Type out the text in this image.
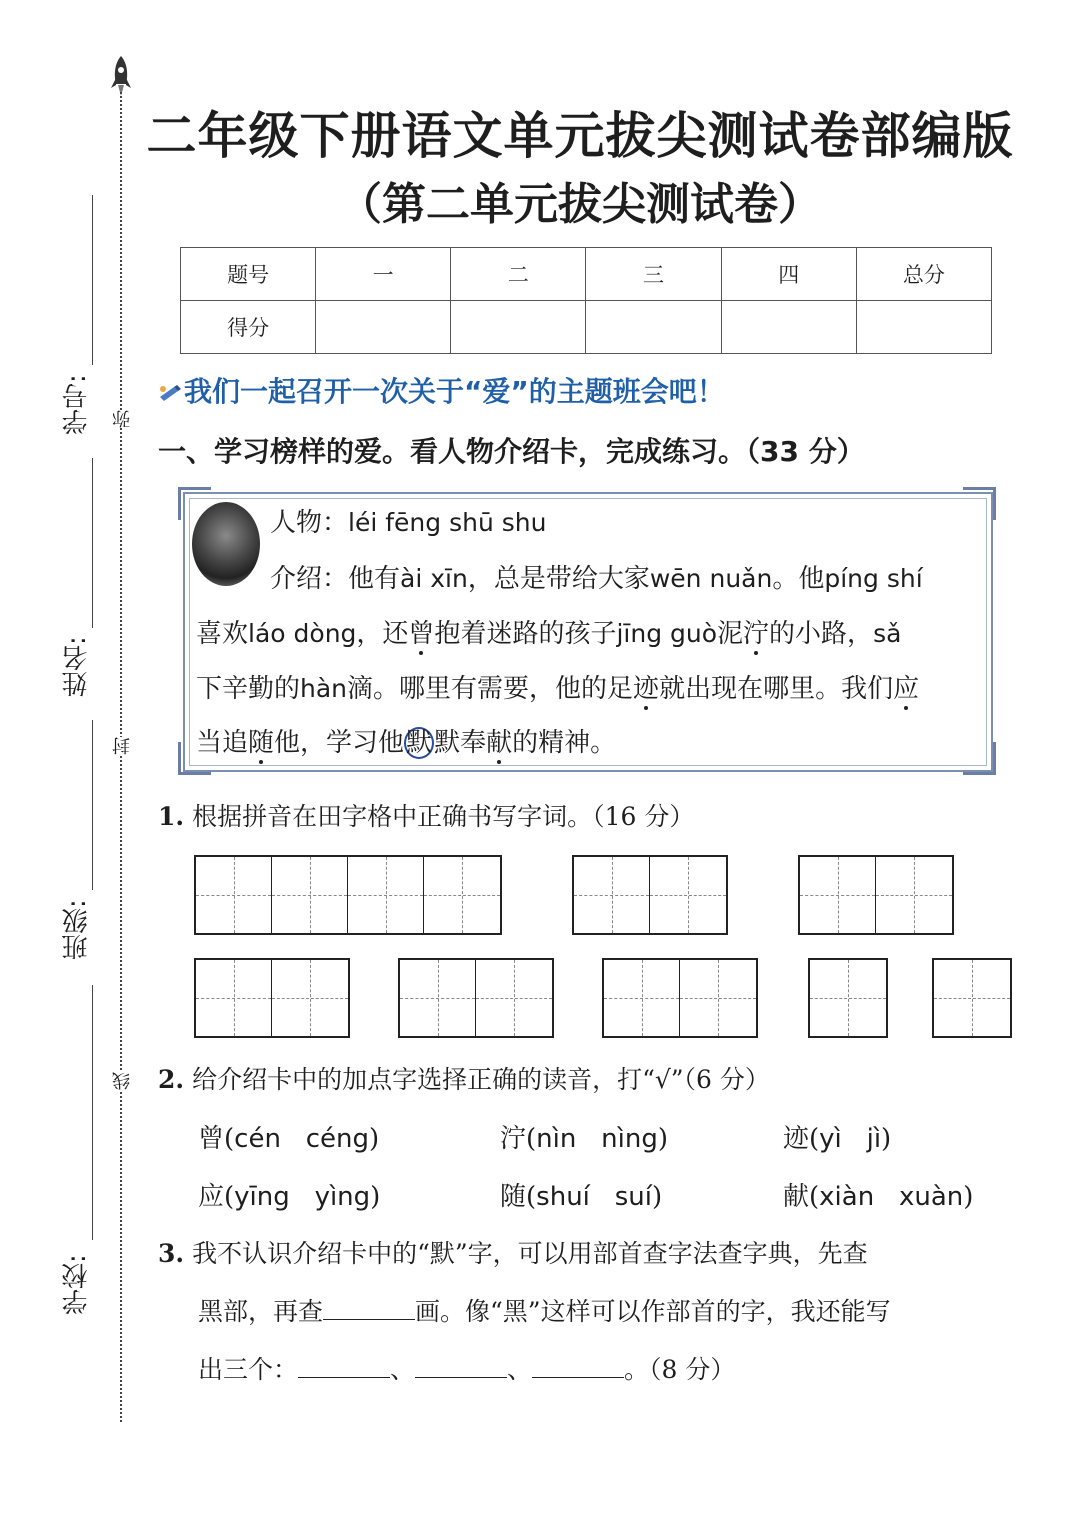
学号:
姓名:
班级:
学校:
弥
封
线
二年级下册语文单元拔尖测试卷部编版
（第二单元拔尖测试卷）
题号	一	二	三	四	总分
得分					
我们一起召开一次关于“爱”的主题班会吧！
一、学习榜样的爱。看人物介绍卡，完成练习。（33 分）
人物：léi fēng shū shu
介绍：他有ài xīn，总是带给大家wēn nuǎn。他píng shí
喜欢láo dòng，还曾抱着迷路的孩子jīng guò泥泞的小路，sǎ
下辛勤的hàn滴。哪里有需要，他的足迹就出现在哪里。我们应
当追随他，学习他默默奉献的精神。
1. 根据拼音在田字格中正确书写字词。（16 分）
2. 给介绍卡中的加点字选择正确的读音，打“√”（6 分）
曾(cén céng)	泞(nìn nìng)	迹(yì jì)
应(yīng yìng)	随(shuí suí)	献(xiàn xuàn)
3. 我不认识介绍卡中的“默”字，可以用部首查字法查字典，先查
黑部，再查	画。像“黑”这样可以作部首的字，我还能写
出三个：	、	、	。（8 分）
